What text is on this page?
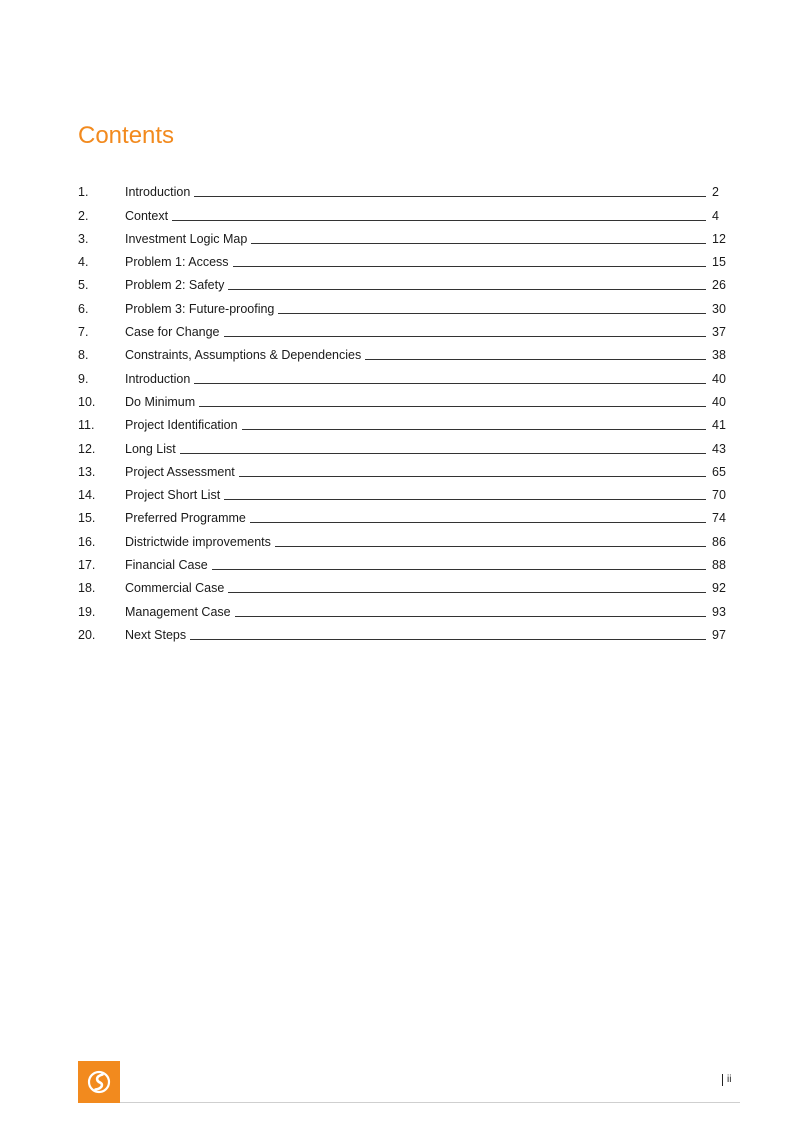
Contents
1.	Introduction	2
2.	Context	4
3.	Investment Logic Map	12
4.	Problem 1: Access	15
5.	Problem 2: Safety	26
6.	Problem 3: Future-proofing	30
7.	Case for Change	37
8.	Constraints, Assumptions & Dependencies	38
9.	Introduction	40
10.	Do Minimum	40
11.	Project Identification	41
12.	Long List	43
13.	Project Assessment	65
14.	Project Short List	70
15.	Preferred Programme	74
16.	Districtwide improvements	86
17.	Financial Case	88
18.	Commercial Case	92
19.	Management Case	93
20.	Next Steps	97
ii
